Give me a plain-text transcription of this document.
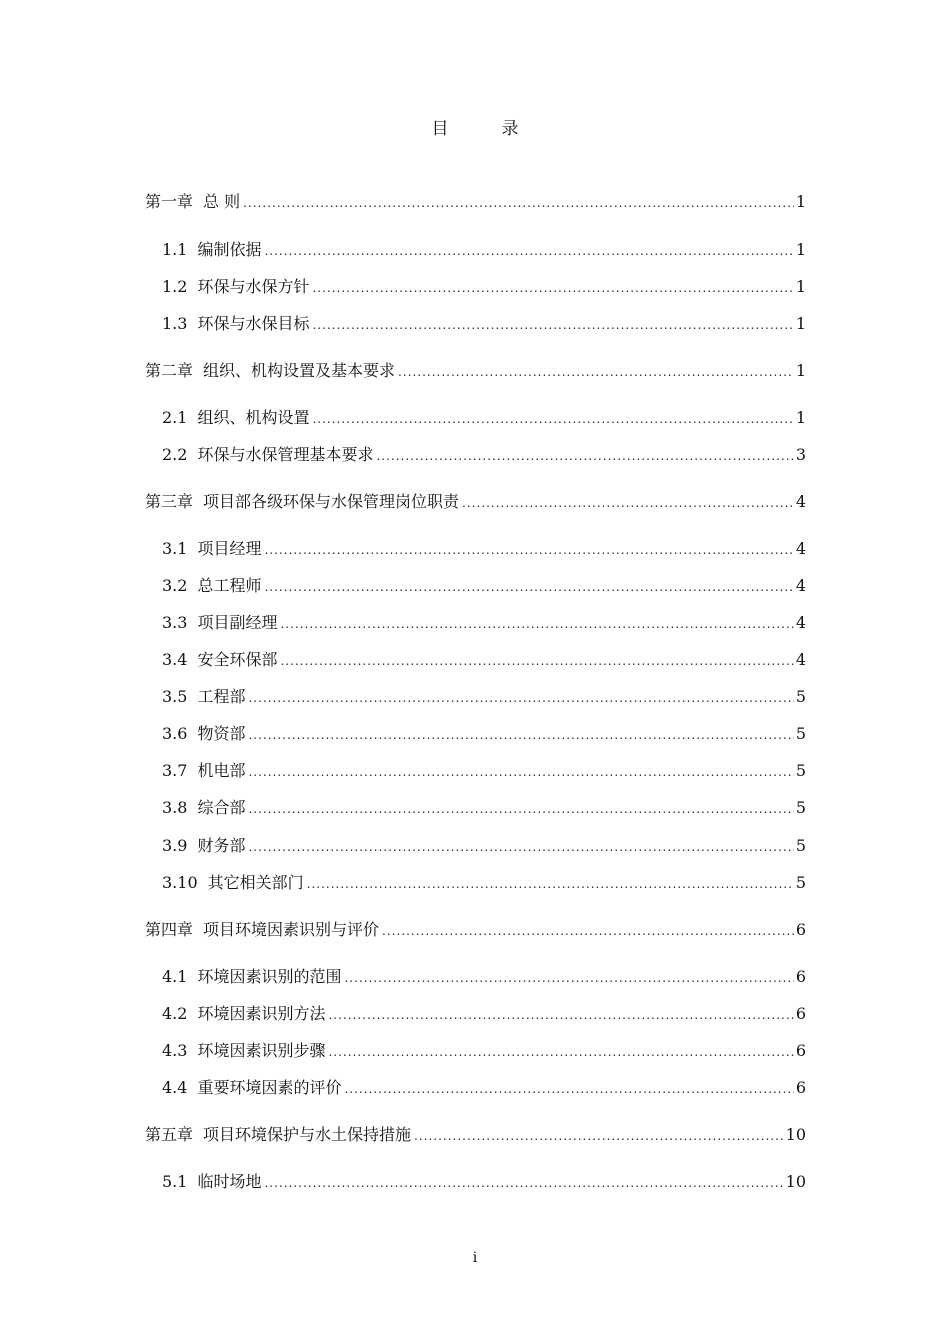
目　录
第一章 总 则 .....	1
1.1 编制依据 .....	1
1.2 环保与水保方针 .....	1
1.3 环保与水保目标 .....	1
第二章 组织、机构设置及基本要求 .....	1
2.1 组织、机构设置 .....	1
2.2 环保与水保管理基本要求 .....	3
第三章 项目部各级环保与水保管理岗位职责 .....	4
3.1 项目经理 .....	4
3.2 总工程师 .....	4
3.3 项目副经理 .....	4
3.4 安全环保部 .....	4
3.5 工程部 .....	5
3.6 物资部 .....	5
3.7 机电部 .....	5
3.8 综合部 .....	5
3.9 财务部 .....	5
3.10 其它相关部门 .....	5
第四章 项目环境因素识别与评价 .....	6
4.1 环境因素识别的范围 .....	6
4.2 环境因素识别方法 .....	6
4.3 环境因素识别步骤 .....	6
4.4 重要环境因素的评价 .....	6
第五章 项目环境保护与水土保持措施 .....	10
5.1 临时场地 .....	10
i
